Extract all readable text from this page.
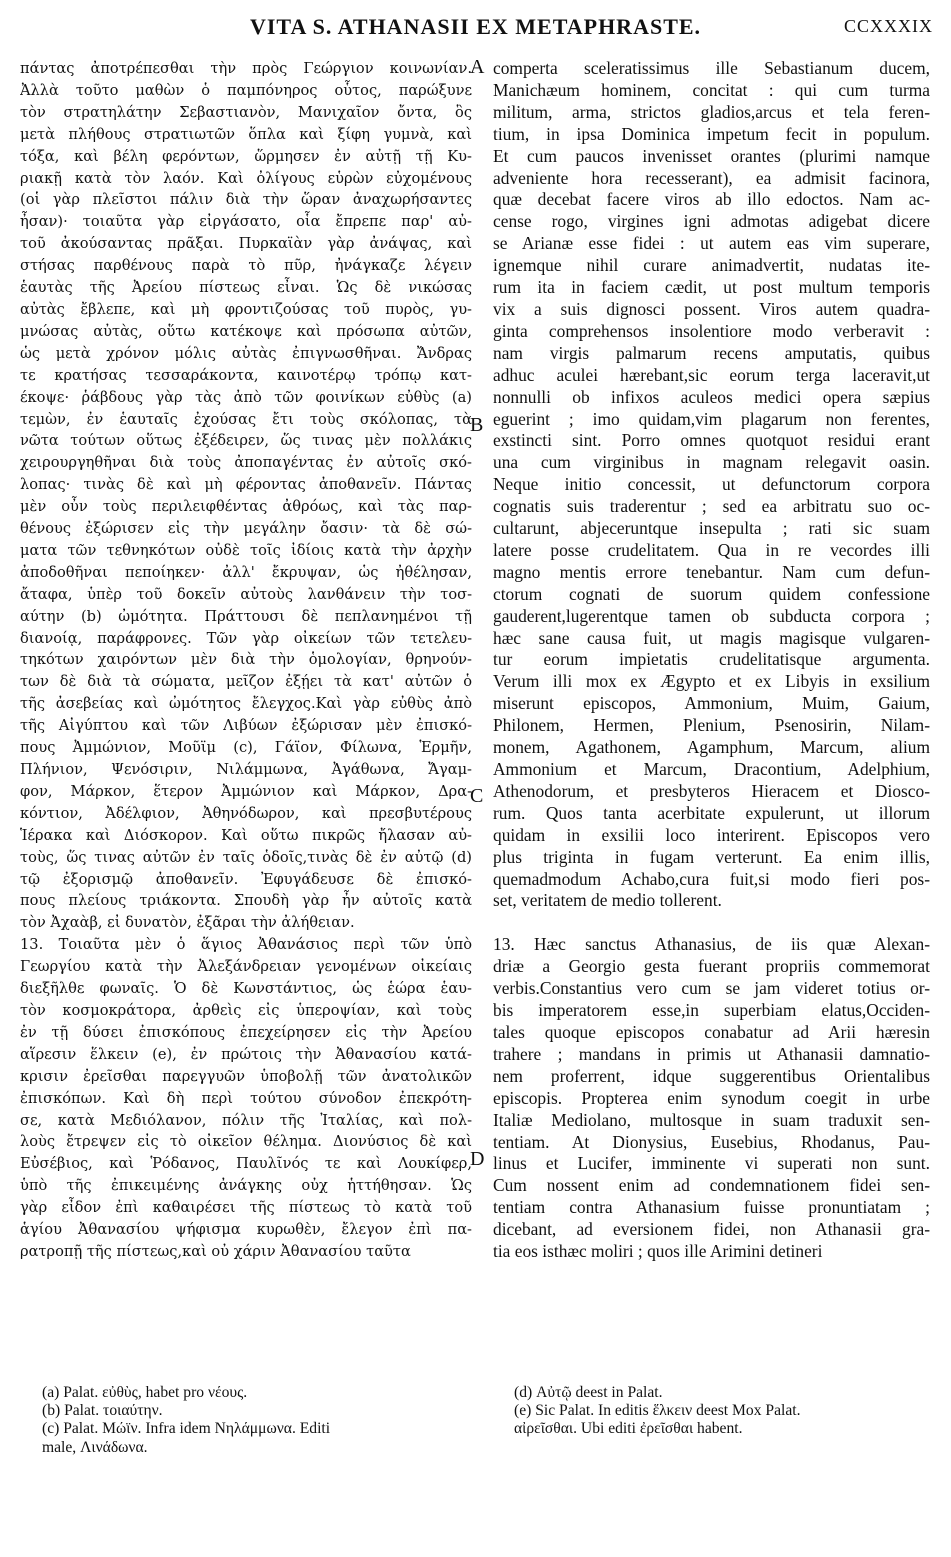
VITA S. ATHANASII EX METAPHRASTE.	CCXXXIX
πάντας ἀποτρέπεσθαι τὴν πρὸς Γεώργιον κοινωνίαν.
Ἀλλὰ τοῦτο μαθὼν ὁ παμπόνηρος οὗτος, παρώξυνε
τὸν στρατηλάτην Σεβαστιανὸν, Μανιχαῖον ὄντα, ὃς
μετὰ πλήθους στρατιωτῶν ὅπλα καὶ ξίφη γυμνὰ, καὶ
τόξα, καὶ βέλη φερόντων, ὥρμησεν ἐν αὐτῇ τῇ Κυ-
ριακῇ κατὰ τὸν λαόν. Καὶ ὀλίγους εὑρὼν εὐχομένους
(οἱ γὰρ πλεῖστοι πάλιν διὰ τὴν ὥραν ἀναχωρήσαντες
ἦσαν)· τοιαῦτα γὰρ εἰργάσατο, οἷα ἔπρεπε παρ' αὐ-
τοῦ ἀκούσαντας πρᾶξαι. Πυρκαϊὰν γὰρ ἀνάψας, καὶ
στήσας παρθένους παρὰ τὸ πῦρ, ἠνάγκαζε λέγειν
ἑαυτὰς τῆς Ἀρείου πίστεως εἶναι. Ὡς δὲ νικώσας
αὐτὰς ἔβλεπε, καὶ μὴ φροντιζούσας τοῦ πυρὸς, γυ-
μνώσας αὐτὰς, οὕτω κατέκοψε καὶ πρόσωπα αὐτῶν,
ὡς μετὰ χρόνον μόλις αὐτὰς ἐπιγνωσθῆναι. Ἄνδρας
τε κρατήσας τεσσαράκοντα, καινοτέρῳ τρόπῳ κατ-
έκοψε· ῥάβδους γὰρ τὰς ἀπὸ τῶν φοινίκων εὐθὺς (a)
τεμὼν, ἐν ἑαυταῖς ἐχούσας ἔτι τοὺς σκόλοπας, τὰ
νῶτα τούτων οὕτως ἐξέδειρεν, ὥς τινας μὲν πολλάκις
χειρουργηθῆναι διὰ τοὺς ἀποπαγέντας ἐν αὐτοῖς σκό-
λοπας· τινὰς δὲ καὶ μὴ φέροντας ἀποθανεῖν. Πάντας
μὲν οὖν τοὺς περιλειφθέντας ἀθρόως, καὶ τὰς παρ-
θένους ἐξώρισεν εἰς τὴν μεγάλην ὄασιν· τὰ δὲ σώ-
ματα τῶν τεθνηκότων οὐδὲ τοῖς ἰδίοις κατὰ τὴν ἀρχὴν
ἀποδοθῆναι πεποίηκεν· ἀλλ' ἔκρυψαν, ὡς ἠθέλησαν,
ἄταφα, ὑπὲρ τοῦ δοκεῖν αὐτοὺς λανθάνειν τὴν τοσ-
αύτην (b) ὠμότητα. Πράττουσι δὲ πεπλανημένοι τῇ
διανοίᾳ, παράφρονες. Τῶν γὰρ οἰκείων τῶν τετελευ-
τηκότων χαιρόντων μὲν διὰ τὴν ὁμολογίαν, θρηνούν-
των δὲ διὰ τὰ σώματα, μεῖζον ἐξῄει τὰ κατ' αὐτῶν ὁ
τῆς ἀσεβείας καὶ ὠμότητος ἔλεγχος.Καὶ γὰρ εὐθὺς ἀπὸ
τῆς Αἰγύπτου καὶ τῶν Λιβύων ἐξώρισαν μὲν ἐπισκό-
πους Ἀμμώνιον, Μοῦϊμ (c), Γάϊον, Φίλωνα, Ἑρμῆν,
Πλήνιον, Ψενόσιριν, Νιλάμμωνα, Ἀγάθωνα, Ἄγαμ-
φον, Μάρκον, ἕτερον Ἀμμώνιον καὶ Μάρκον, Δρα-
κόντιον, Ἀδέλφιον, Ἀθηνόδωρον, καὶ πρεσβυτέρους
Ἱέρακα καὶ Διόσκορον. Καὶ οὕτω πικρῶς ἤλασαν αὐ-
τοὺς, ὥς τινας αὐτῶν ἐν ταῖς ὁδοῖς,τινὰς δὲ ἐν αὐτῷ (d)
τῷ ἐξορισμῷ ἀποθανεῖν. Ἐφυγάδευσε δὲ ἐπισκό-
πους πλείους τριάκοντα. Σπουδὴ γὰρ ἦν αὐτοῖς κατὰ
τὸν Ἀχαὰβ, εἰ δυνατὸν, ἐξᾶραι τὴν ἀλήθειαν.
13. Τοιαῦτα μὲν ὁ ἅγιος Ἀθανάσιος περὶ τῶν ὑπὸ
Γεωργίου κατὰ τὴν Ἀλεξάνδρειαν γενομένων οἰκείαις
διεξῆλθε φωναῖς. Ὁ δὲ Κωνστάντιος, ὡς ἑώρα ἑαυ-
τὸν κοσμοκράτορα, ἀρθεὶς εἰς ὑπεροψίαν, καὶ τοὺς
ἐν τῇ δύσει ἐπισκόπους ἐπεχείρησεν εἰς τὴν Ἀρείου
αἵρεσιν ἕλκειν (e), ἐν πρώτοις τὴν Ἀθανασίου κατά-
κρισιν ἐρεῖσθαι παρεγγυῶν ὑποβολῇ τῶν ἀνατολικῶν
ἐπισκόπων. Καὶ δὴ περὶ τούτου σύνοδον ἐπεκρότη-
σε, κατὰ Μεδιόλανον, πόλιν τῆς Ἰταλίας, καὶ πολ-
λοὺς ἔτρεψεν εἰς τὸ οἰκεῖον θέλημα. Διονύσιος δὲ καὶ
Εὐσέβιος, καὶ Ῥόδανος, Παυλῖνός τε καὶ Λουκίφερ,
ὑπὸ τῆς ἐπικειμένης ἀνάγκης οὐχ ἡττήθησαν. Ὡς
γὰρ εἶδον ἐπὶ καθαιρέσει τῆς πίστεως τὸ κατὰ τοῦ
ἁγίου Ἀθανασίου ψήφισμα κυρωθὲν, ἔλεγον ἐπὶ πα-
ρατροπῇ τῆς πίστεως,καὶ οὐ χάριν Ἀθανασίου ταῦτα
comperta sceleratissimus ille Sebastianum ducem,
Manichæum hominem, concitat : qui cum turma
militum, arma, strictos gladios,arcus et tela feren-
tium, in ipsa Dominica impetum fecit in populum.
Et cum paucos invenisset orantes (plurimi namque
adveniente hora recesserant), ea admisit facinora,
quæ decebat facere viros ab illo edoctos. Nam ac-
cense rogo, virgines igni admotas adigebat dicere
se Arianæ esse fidei : ut autem eas vim superare,
ignemque nihil curare animadvertit, nudatas ite-
rum ita in faciem cædit, ut post multum temporis
vix a suis dignosci possent. Viros autem quadra-
ginta comprehensos insolentiore modo verberavit :
nam virgis palmarum recens amputatis, quibus
adhuc aculei hærebant,sic eorum terga laceravit,ut
nonnulli ob infixos aculeos medici opera sæpius
eguerint ; imo quidam,vim plagarum non ferentes,
exstincti sint. Porro omnes quotquot residui erant
una cum virginibus in magnam relegavit oasin.
Neque initio concessit, ut defunctorum corpora
cognatis suis traderentur ; sed ea arbitratu suo oc-
cultarunt, abjeceruntque insepulta ; rati sic suam
latere posse crudelitatem. Qua in re vecordes illi
magno mentis errore tenebantur. Nam cum defun-
ctorum cognati de suorum quidem confessione
gauderent,lugerentque tamen ob subducta corpora ;
hæc sane causa fuit, ut magis magisque vulgaren-
tur eorum impietatis crudelitatisque argumenta.
Verum illi mox ex Ægypto et ex Libyis in exsilium
miserunt episcopos, Ammonium, Muim, Gaium,
Philonem, Hermen, Plenium, Psenosirin, Nilam-
monem, Agathonem, Agamphum, Marcum, alium
Ammonium et Marcum, Dracontium, Adelphium,
Athenodorum, et presbyteros Hieracem et Diosco-
rum. Quos tanta acerbitate expulerunt, ut illorum
quidam in exsilii loco interirent. Episcopos vero
plus triginta in fugam verterunt. Ea enim illis,
quemadmodum Achabo,cura fuit,si modo fieri pos-
set, veritatem de medio tollerent.
13. Hæc sanctus Athanasius, de iis quæ Alexan-
driæ a Georgio gesta fuerant propriis commemorat
verbis.Constantius vero cum se jam videret totius or-
bis imperatorem esse,in superbiam elatus,Occiden-
tales quoque episcopos conabatur ad Arii hæresin
trahere ; mandans in primis ut Athanasii damnatio-
nem proferrent, idque suggerentibus Orientalibus
episcopis. Propterea enim synodum coegit in urbe
Italiæ Mediolano, multosque in suam traduxit sen-
tentiam. At Dionysius, Eusebius, Rhodanus, Pau-
linus et Lucifer, imminente vi superati non sunt.
Cum nossent enim ad condemnationem fidei sen-
tentiam contra Athanasium fuisse pronuntiatam ;
dicebant, ad eversionem fidei, non Athanasii gra-
tia eos isthæc moliri ; quos ille Arimini detineri
A
B
C
D
(a) Palat. εὐθὺς, habet pro νέους.
(b) Palat. τοιαύτην.
(c) Palat. Μώϊν. Infra idem Νηλάμμωνα. Editi
male, Λινάδωνα.
(d) Αὐτῷ deest in Palat.
(e) Sic Palat. In editis ἕλκειν deest Mox Palat.
αἰρεῖσθαι. Ubi editi ἐρεῖσθαι habent.
